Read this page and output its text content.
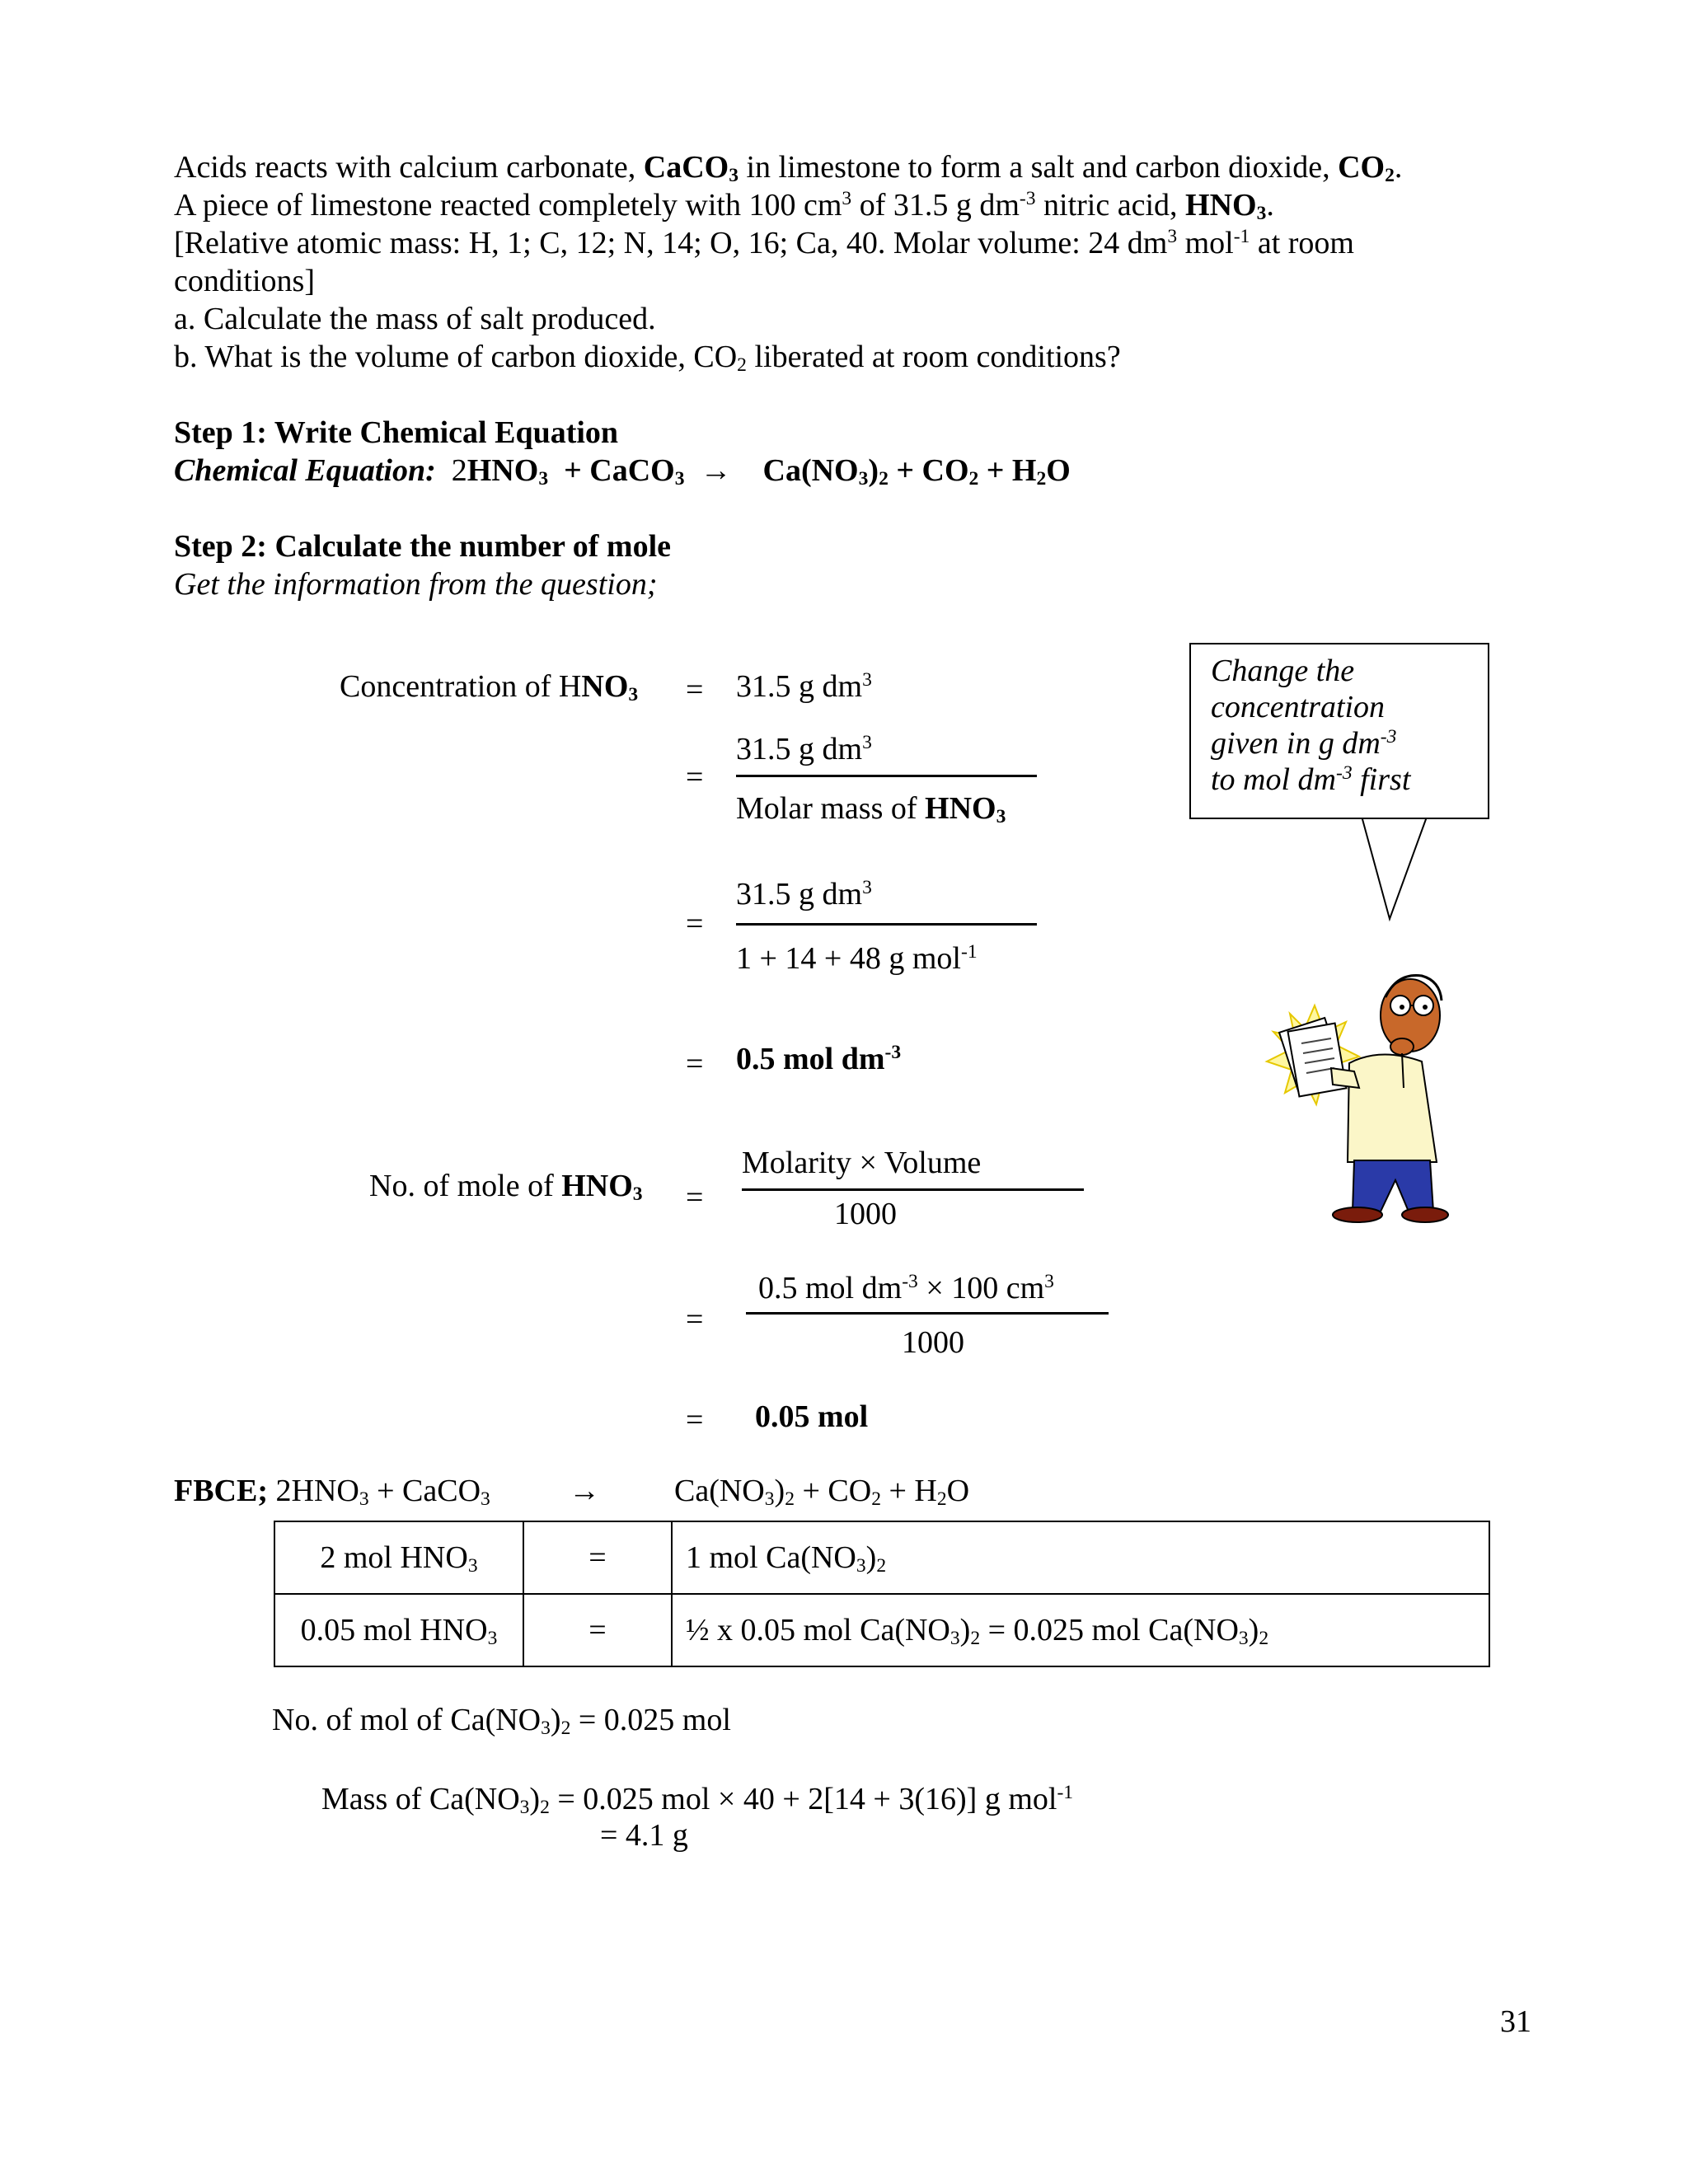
Acids reacts with calcium carbonate, CaCO$_3$ in limestone to form a salt and carbon dioxide, $CO_2$.
A piece of limestone reacted completely with 100 $cm^3$ of 31.5 g $dm^{-3}$ nitric acid, $HNO_3$.
[Relative atomic mass: H, 1; C, 12; N, 14; O, 16; Ca, 40. Molar volume: 24 $dm^3$ mol$^{-1}$ at room
conditions]
a. Calculate the mass of salt produced.
b. What is the volume of carbon dioxide, $CO_2$ liberated at room conditions?
Step 1: Write Chemical Equation
Chemical Equation: $2HNO_3$ + CaCO$_3$ → $Ca(NO_3)_2 + CO_2 + H_2O$
Step 2: Calculate the number of mole
Get the information from the question;
Concentration of $HNO_3 = 31.5$ g $dm^3$
31.5 g $dm^3$
=
Molar mass of $HNO_3$
31.5 g $dm^3$
=
1 + 14 + 48 g mol$^{-1}$
= 0.5 mol $dm^{-3}$
No. of mole of $HNO_3$ =
Molarity × Volume
1000
0.5 mol $dm^{-3} \times 100$ $cm^3$
=
1000
= 0.05 mol
Change the
concentration
given in g $dm^{-3}$
to mol $dm^{-3}$ first
FBCE; $2HNO_3$ + CaCO$_3$	→ $Ca(NO_3)_2 + CO_2 + H_2O$
2 mol $HNO_3$	=	1 mol $Ca(NO_3)_2$
0.05 mol $HNO_3$	=	½ x 0.05 mol $Ca(NO_3)_2 = 0.025$ mol $Ca(NO_3)_2$
No. of mol of $Ca(NO_3)_2 = 0.025$ mol
Mass of $Ca(NO_3)_2 = 0.025$ mol × 40 + 2[14 + 3(16)] g mol$^{-1}$
= 4.1 g
31
